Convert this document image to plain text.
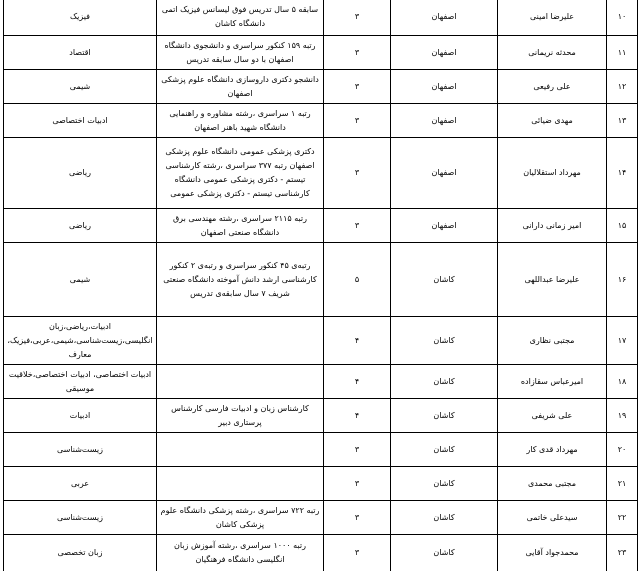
۱۰	علیرضا امینی	اصفهان	۳	سابقه ۵ سال تدریس فوق لیسانس فیزیک اتمی دانشگاه کاشان	فیزیک
۱۱	محدثه نریمانی	اصفهان	۳	رتبه ۱۵۹ کنکور سراسری و دانشجوی دانشگاه اصفهان با دو سال سابقه تدریس	اقتصاد
۱۲	علی رفیعی	اصفهان	۳	دانشجو دکتری داروسازی دانشگاه علوم پزشکی اصفهان	شیمی
۱۳	مهدی ضیائی	اصفهان	۳	رتبه ۱ سراسری ،رشته مشاوره و راهنمایی دانشگاه شهید باهنر اصفهان	ادبیات اختصاصی
۱۴	مهرداد استقلالیان	اصفهان	۳	دکتری پزشکی عمومی دانشگاه علوم پزشکی اصفهان رتبه ۳۷۷ سراسری ،رشته کارشناسی تیستم - دکتری پزشکی عمومی دانشگاه کارشناسی تیستم - دکتری پزشکی عمومی	ریاضی
۱۵	امیر زمانی دارانی	اصفهان	۳	رتبه ۲۱۱۵ سراسری ،رشته مهندسی برق دانشگاه صنعتی اصفهان	ریاضی
۱۶	علیرضا عبداللهی	کاشان	۵	رتبه‌ی ۴۵ کنکور سراسری و رتبه‌ی ۲ کنکور کارشناسی ارشد دانش آموخته دانشگاه صنعتی شریف ۷ سال سابقه‌ی تدریس	شیمی
۱۷	مجتبی نظاری	کاشان	۴		ادبیات،ریاضی،زبان انگلیسی،زیست‌شناسی،شیمی،عربی،فیزیک،معارف
۱۸	امیرعباس سقازاده	کاشان	۴		ادبیات اختصاصی، ادبیات اختصاصی،خلاقیت موسیقی
۱۹	علی شریفی	کاشان	۴	کارشناس زبان و ادبیات فارسی کارشناس پرستاری دبیر	ادبیات
۲۰	مهرداد قدی کار	کاشان	۳		زیست‌شناسی
۲۱	مجتبی محمدی	کاشان	۳		عربی
۲۲	سیدعلی خاتمی	کاشان	۳	رتبه ۷۲۲ سراسری ،رشته پزشکی دانشگاه علوم پزشکی کاشان	زیست‌شناسی
۲۳	محمدجواد آقایی	کاشان	۳	رتبه ۱۰۰۰ سراسری ،رشته آموزش زبان انگلیسی دانشگاه فرهنگیان	زبان تخصصی
